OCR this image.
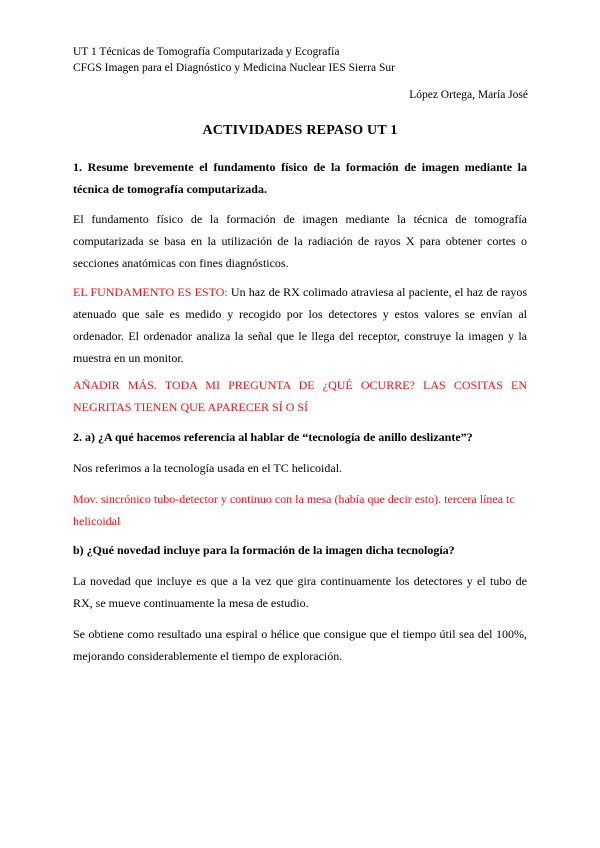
UT 1 Técnicas de Tomografía Computarizada y Ecografía
CFGS Imagen para el Diagnóstico y Medicina Nuclear IES Sierra Sur
López Ortega, María José
ACTIVIDADES REPASO UT 1
1. Resume brevemente el fundamento físico de la formación de imagen mediante la técnica de tomografía computarizada.
El fundamento físico de la formación de imagen mediante la técnica de tomografía computarizada se basa en la utilización de la radiación de rayos X para obtener cortes o secciones anatómicas con fines diagnósticos.
EL FUNDAMENTO ES ESTO: Un haz de RX colimado atraviesa al paciente, el haz de rayos atenuado que sale es medido y recogido por los detectores y estos valores se envían al ordenador. El ordenador analiza la señal que le llega del receptor, construye la imagen y la muestra en un monitor.
AÑADIR MÁS. TODA MI PREGUNTA DE ¿QUÉ OCURRE? LAS COSITAS EN NEGRITAS TIENEN QUE APARECER SÍ O SÍ
2. a) ¿A qué hacemos referencia al hablar de “tecnología de anillo deslizante”?
Nos referimos a la tecnología usada en el TC helicoidal.
Mov. sincrónico tubo-detector y continuo con la mesa (había que decir esto). tercera línea tc helicoidal
b) ¿Qué novedad incluye para la formación de la imagen dicha tecnología?
La novedad que incluye es que a la vez que gira continuamente los detectores y el tubo de RX, se mueve continuamente la mesa de estudio.
Se obtiene como resultado una espiral o hélice que consigue que el tiempo útil sea del 100%, mejorando considerablemente el tiempo de exploración.
